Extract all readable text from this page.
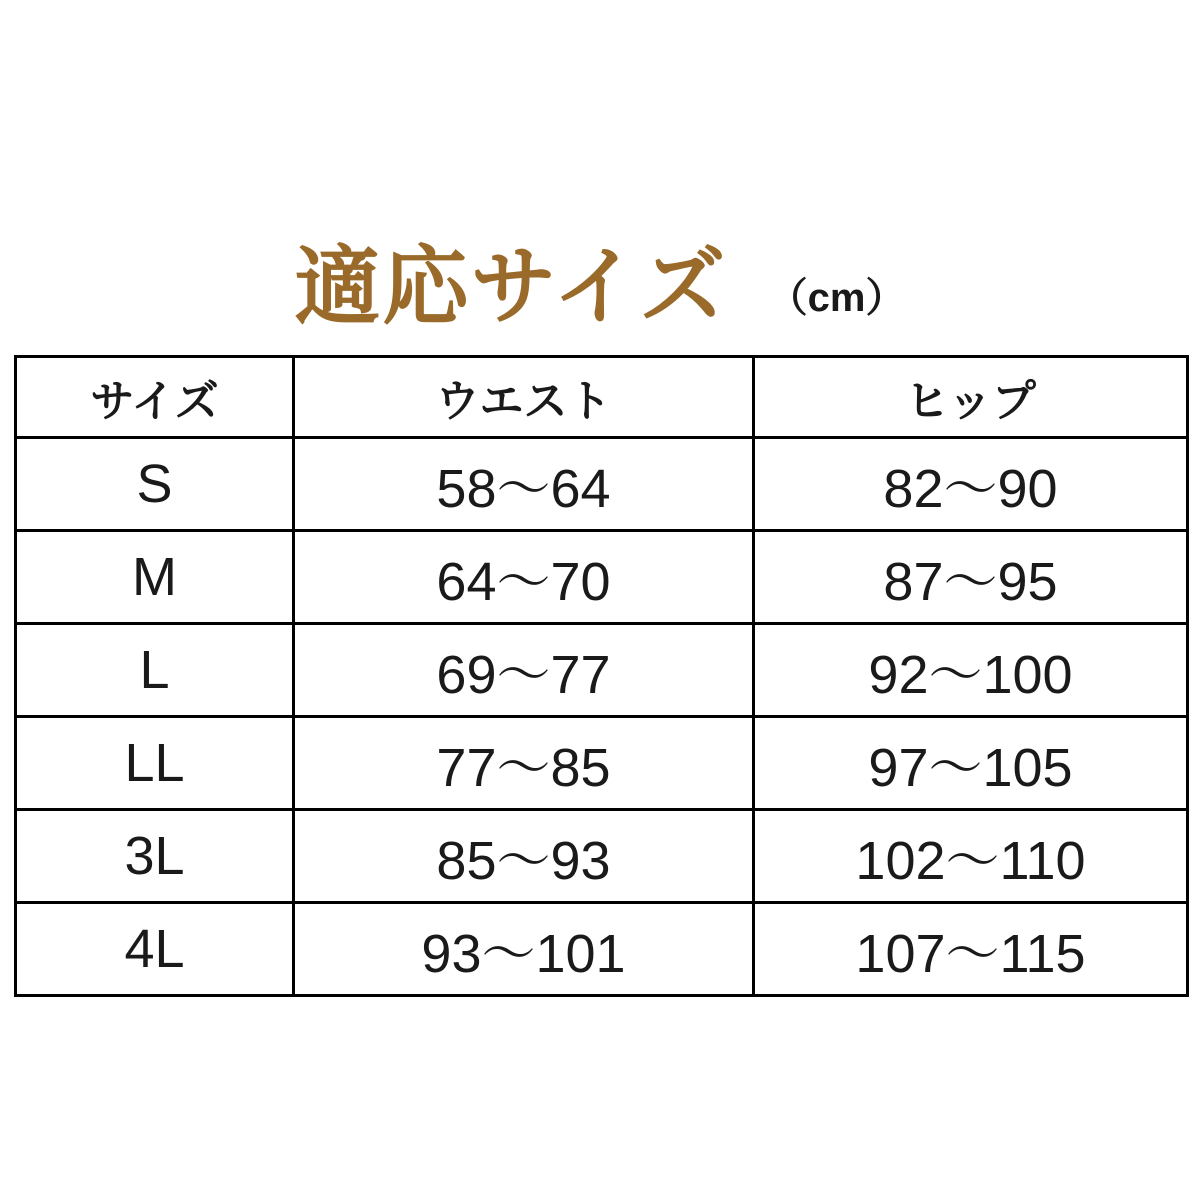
適応サイズ （cm）
サイズ	ウエスト	ヒップ
S	58〜64	82〜90
M	64〜70	87〜95
L	69〜77	92〜100
LL	77〜85	97〜105
3L	85〜93	102〜110
4L	93〜101	107〜115
